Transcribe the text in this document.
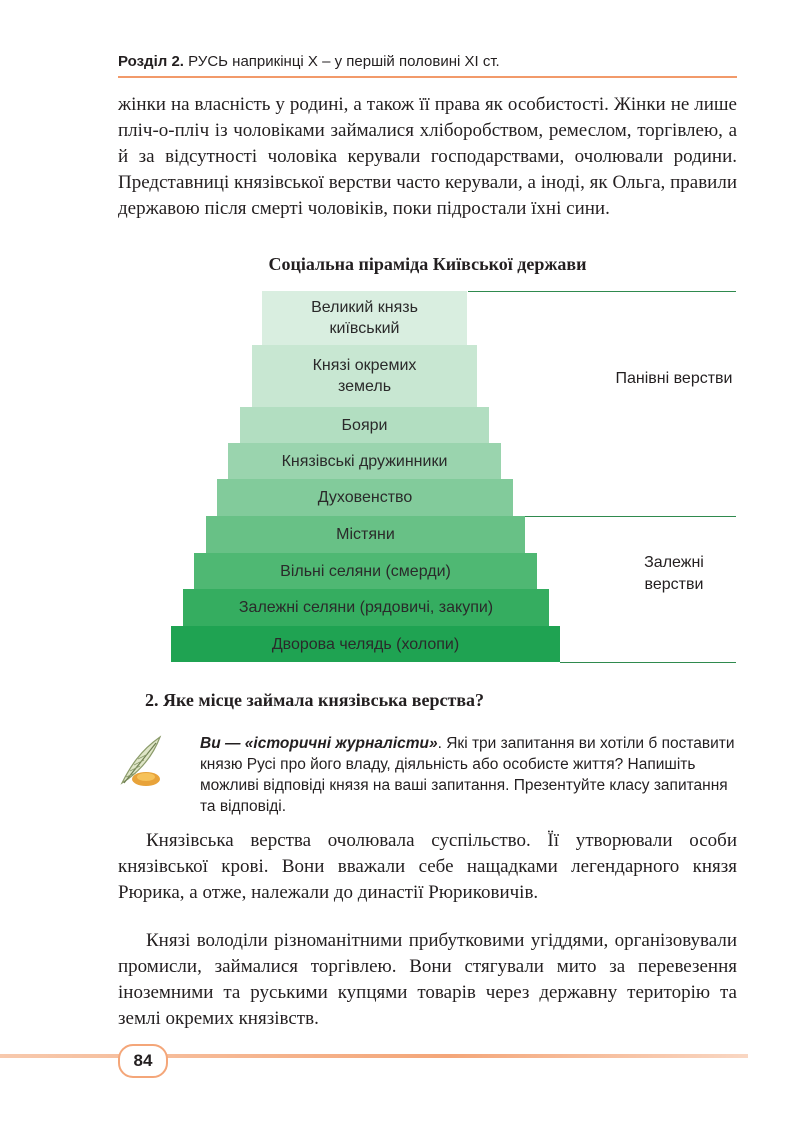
Розділ 2. РУСЬ наприкінці X – у першій половині XI ст.

жінки на власність у родині, а також її права як особистості. Жінки не лише пліч-о-пліч із чоловіками займалися хліборобством, ремеслом, торгівлею, а й за відсутності чоловіка керували господарствами, очолювали родини. Представниці князівської верстви часто керували, а іноді, як Ольга, правили державою після смерті чоловіків, поки підростали їхні сини.

Соціальна піраміда Київської держави
Великий князь київський
Князі окремих земель
Бояри
Князівські дружинники
Духовенство
Містяни
Вільні селяни (смерди)
Залежні селяни (рядовичі, закупи)
Дворова челядь (холопи)
Панівні верстви
Залежні верстви
2. Яке місце займала князівська верства?
Ви — «історичні журналісти». Які три запитання ви хотіли б поставити князю Русі про його владу, діяльність або особисте життя? Напишіть можливі відповіді князя на ваші запитання. Презентуйте класу запитання та відповіді.

Князівська верства очолювала суспільство. Її утворювали особи князівської крові. Вони вважали себе нащадками легендарного князя Рюрика, а отже, належали до династії Рюриковичів.

Князі володіли різноманітними прибутковими угіддями, організовували промисли, займалися торгівлею. Вони стягували мито за перевезення іноземними та руськими купцями товарів через державну територію та землі окремих князівств.

84
